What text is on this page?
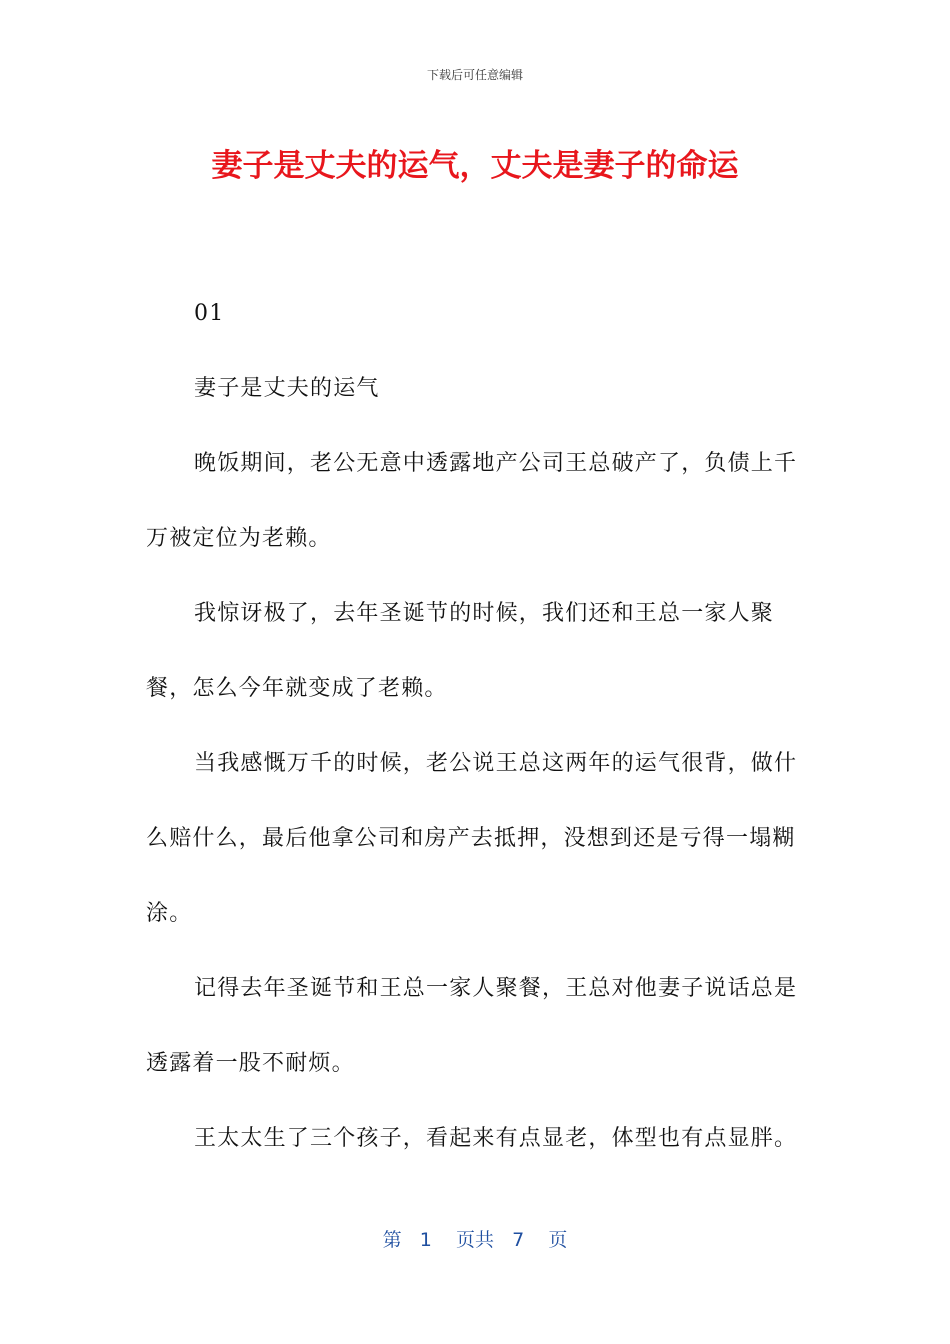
下载后可任意编辑
妻子是丈夫的运气，丈夫是妻子的命运

01

妻子是丈夫的运气

晚饭期间，老公无意中透露地产公司王总破产了，负债上千万被定位为老赖。

我惊讶极了，去年圣诞节的时候，我们还和王总一家人聚餐，怎么今年就变成了老赖。

当我感慨万千的时候，老公说王总这两年的运气很背，做什么赔什么，最后他拿公司和房产去抵押，没想到还是亏得一塌糊涂。

记得去年圣诞节和王总一家人聚餐，王总对他妻子说话总是透露着一股不耐烦。

王太太生了三个孩子，看起来有点显老，体型也有点显胖。

第 1 页共 7 页
